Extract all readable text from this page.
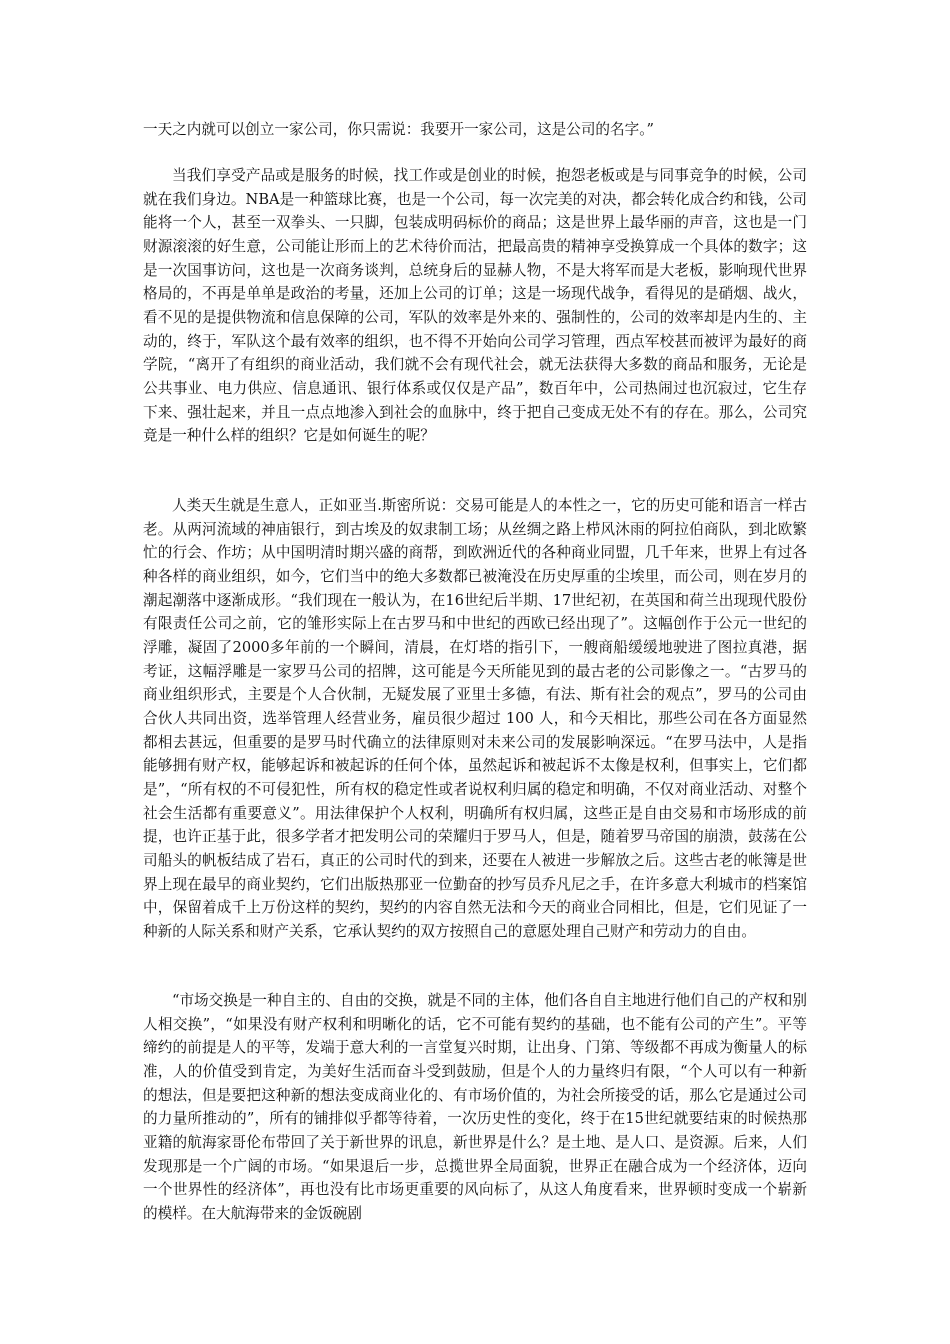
一天之内就可以创立一家公司，你只需说：我要开一家公司，这是公司的名字。”
当我们享受产品或是服务的时候，找工作或是创业的时候，抱怨老板或是与同事竞争的时候，公司就在我们身边。NBA是一种篮球比赛，也是一个公司，每一次完美的对决，都会转化成合约和钱，公司能将一个人，甚至一双拳头、一只脚，包装成明码标价的商品；这是世界上最华丽的声音，这也是一门财源滚滚的好生意，公司能让形而上的艺术待价而沽，把最高贵的精神享受换算成一个具体的数字；这是一次国事访问，这也是一次商务谈判，总统身后的显赫人物，不是大将军而是大老板，影响现代世界格局的，不再是单单是政治的考量，还加上公司的订单；这是一场现代战争，看得见的是硝烟、战火，看不见的是提供物流和信息保障的公司，军队的效率是外来的、强制性的，公司的效率却是内生的、主动的，终于，军队这个最有效率的组织，也不得不开始向公司学习管理，西点军校甚而被评为最好的商学院，“离开了有组织的商业活动，我们就不会有现代社会，就无法获得大多数的商品和服务，无论是公共事业、电力供应、信息通讯、银行体系或仅仅是产品”，数百年中，公司热闹过也沉寂过，它生存下来、强壮起来，并且一点点地渗入到社会的血脉中，终于把自己变成无处不有的存在。那么，公司究竟是一种什么样的组织？它是如何诞生的呢？
人类天生就是生意人，正如亚当.斯密所说：交易可能是人的本性之一，它的历史可能和语言一样古老。从两河流域的神庙银行，到古埃及的奴隶制工场；从丝绸之路上栉风沐雨的阿拉伯商队，到北欧繁忙的行会、作坊；从中国明清时期兴盛的商帮，到欧洲近代的各种商业同盟，几千年来，世界上有过各种各样的商业组织，如今，它们当中的绝大多数都已被淹没在历史厚重的尘埃里，而公司，则在岁月的潮起潮落中逐渐成形。“我们现在一般认为，在16世纪后半期、17世纪初，在英国和荷兰出现现代股份有限责任公司之前，它的雏形实际上在古罗马和中世纪的西欧已经出现了”。这幅创作于公元一世纪的浮雕，凝固了2000多年前的一个瞬间，清晨，在灯塔的指引下，一艘商船缓缓地驶进了图拉真港，据考证，这幅浮雕是一家罗马公司的招牌，这可能是今天所能见到的最古老的公司影像之一。“古罗马的商业组织形式，主要是个人合伙制，无疑发展了亚里士多德，有法、斯有社会的观点”，罗马的公司由合伙人共同出资，选举管理人经营业务，雇员很少超过 100 人，和今天相比，那些公司在各方面显然都相去甚远，但重要的是罗马时代确立的法律原则对未来公司的发展影响深远。“在罗马法中，人是指能够拥有财产权，能够起诉和被起诉的任何个体，虽然起诉和被起诉不太像是权利，但事实上，它们都是”，“所有权的不可侵犯性，所有权的稳定性或者说权利归属的稳定和明确，不仅对商业活动、对整个社会生活都有重要意义”。用法律保护个人权利，明确所有权归属，这些正是自由交易和市场形成的前提，也许正基于此，很多学者才把发明公司的荣耀归于罗马人，但是，随着罗马帝国的崩溃，鼓荡在公司船头的帆板结成了岩石，真正的公司时代的到来，还要在人被进一步解放之后。这些古老的帐簿是世界上现在最早的商业契约，它们出版热那亚一位勤奋的抄写员乔凡尼之手，在许多意大利城市的档案馆中，保留着成千上万份这样的契约，契约的内容自然无法和今天的商业合同相比，但是，它们见证了一种新的人际关系和财产关系，它承认契约的双方按照自己的意愿处理自己财产和劳动力的自由。
“市场交换是一种自主的、自由的交换，就是不同的主体，他们各自自主地进行他们自己的产权和别人相交换”，“如果没有财产权利和明晰化的话，它不可能有契约的基础，也不能有公司的产生”。平等缔约的前提是人的平等，发端于意大利的一言堂复兴时期，让出身、门第、等级都不再成为衡量人的标准，人的价值受到肯定，为美好生活而奋斗受到鼓励，但是个人的力量终归有限，“个人可以有一种新的想法，但是要把这种新的想法变成商业化的、有市场价值的，为社会所接受的话，那么它是通过公司的力量所推动的”，所有的铺排似乎都等待着，一次历史性的变化，终于在15世纪就要结束的时候热那亚籍的航海家哥伦布带回了关于新世界的讯息，新世界是什么？是土地、是人口、是资源。后来，人们发现那是一个广阔的市场。“如果退后一步，总揽世界全局面貌，世界正在融合成为一个经济体，迈向一个世界性的经济体”，再也没有比市场更重要的风向标了，从这人角度看来，世界顿时变成一个崭新的模样。在大航海带来的金饭碗剧
